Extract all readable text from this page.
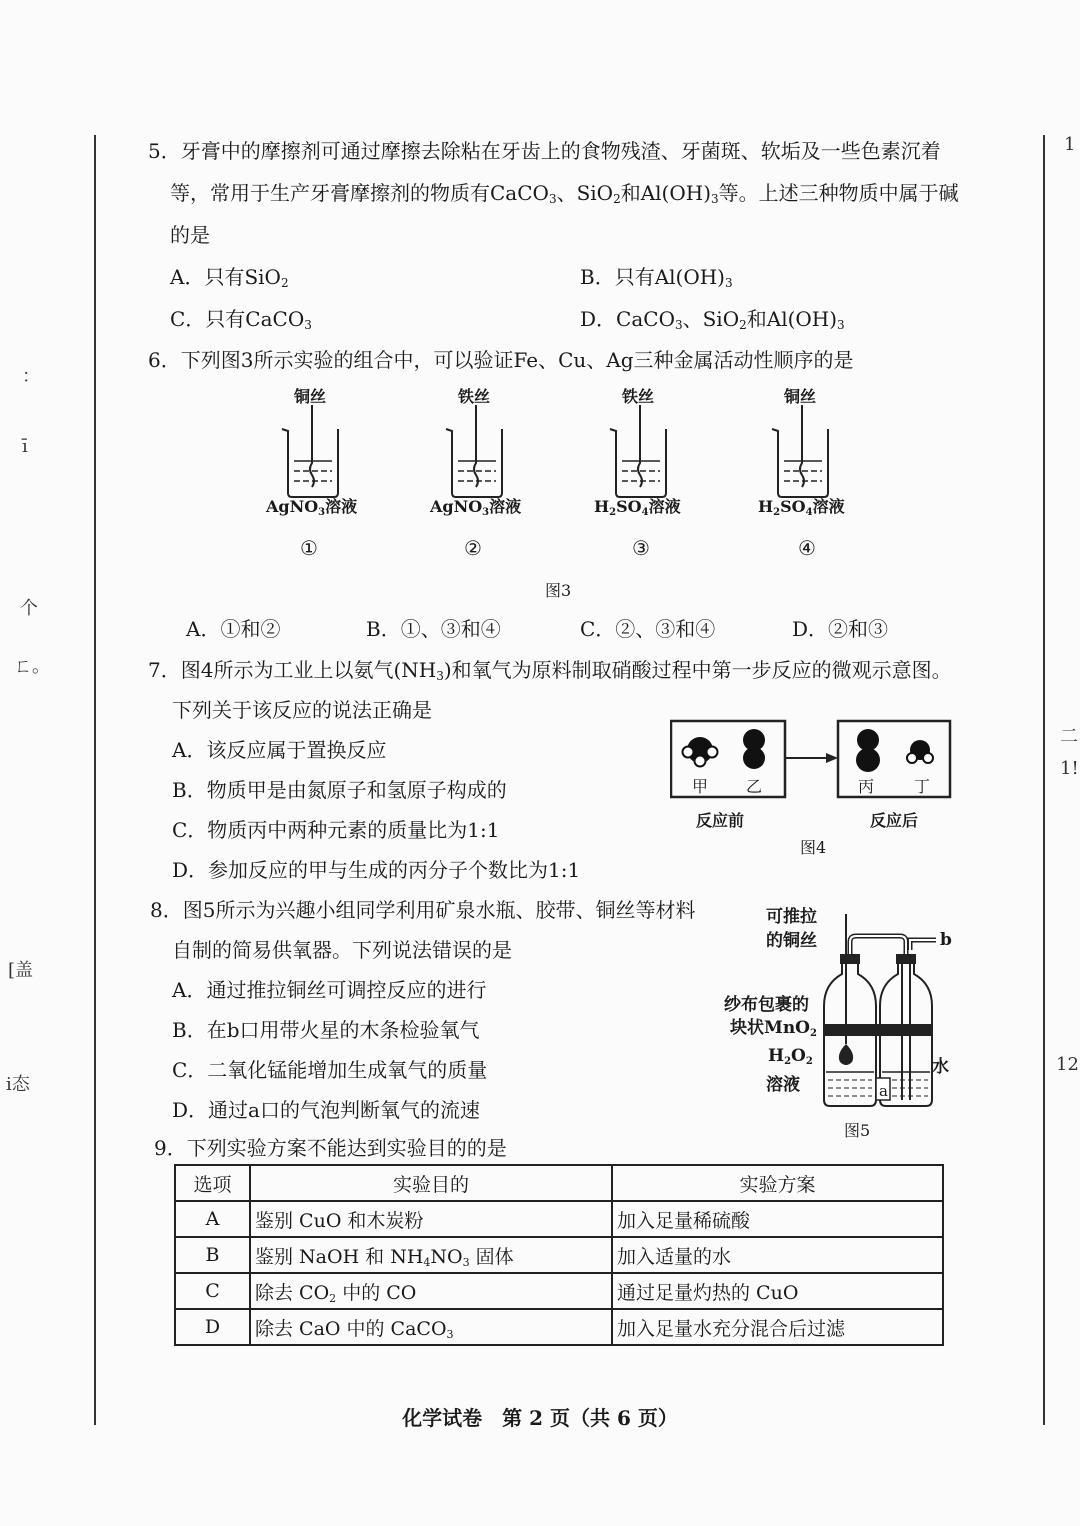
：
ī
个
ㄈ。
[盖
i态
1
二
1!
12
5．牙膏中的摩擦剂可通过摩擦去除粘在牙齿上的食物残渣、牙菌斑、软垢及一些色素沉着
等，常用于生产牙膏摩擦剂的物质有CaCO$_3$、SiO$_2$和$Al(OH)_3$等。上述三种物质中属于碱
的是
A．只有SiO$_2$	B．只有$Al(OH)_3$
C．只有CaCO$_3$	D．CaCO$_3$、SiO$_2$和$Al(OH)_3$
6．下列图3所示实验的组合中，可以验证Fe、Cu、Ag三种金属活动性顺序的是
铜丝	铁丝	铁丝	铜丝
AgNO$_3$溶液	AgNO$_3$溶液	$H_2SO_4$溶液	$H_2SO_4$溶液
①	②	③	④
图3
A．①和②	B．①、③和④	C．②、③和④	D．②和③
7．图4所示为工业上以氨气$(NH_3)$和氧气为原料制取硝酸过程中第一步反应的微观示意图。
下列关于该反应的说法正确是
A．该反应属于置换反应
B．物质甲是由氮原子和氢原子构成的
C．物质丙中两种元素的质量比为1:1
D．参加反应的甲与生成的丙分子个数比为1:1
甲 乙	丙 丁
反应前	反应后
图4
8．图5所示为兴趣小组同学利用矿泉水瓶、胶带、铜丝等材料
自制的简易供氧器。下列说法错误的是
A．通过推拉铜丝可调控反应的进行
B．在b口用带火星的木条检验氧气
C．二氧化锰能增加生成氧气的质量
D．通过a口的气泡判断氧气的流速
可推拉
的铜丝	b
纱布包裹的
块状MnO$_2$
$H_2O_2$
溶液
水
a
图5
9．下列实验方案不能达到实验目的的是
选项	实验目的	实验方案
A	鉴别 CuO 和木炭粉	加入足量稀硫酸
B	鉴别 NaOH 和 $NH_4NO_3$ 固体	加入适量的水
C	除去 $CO_2$ 中的 CO	通过足量灼热的 CuO
D	除去 CaO 中的 CaCO$_3$	加入足量水充分混合后过滤
化学试卷　第 2 页（共 6 页）
